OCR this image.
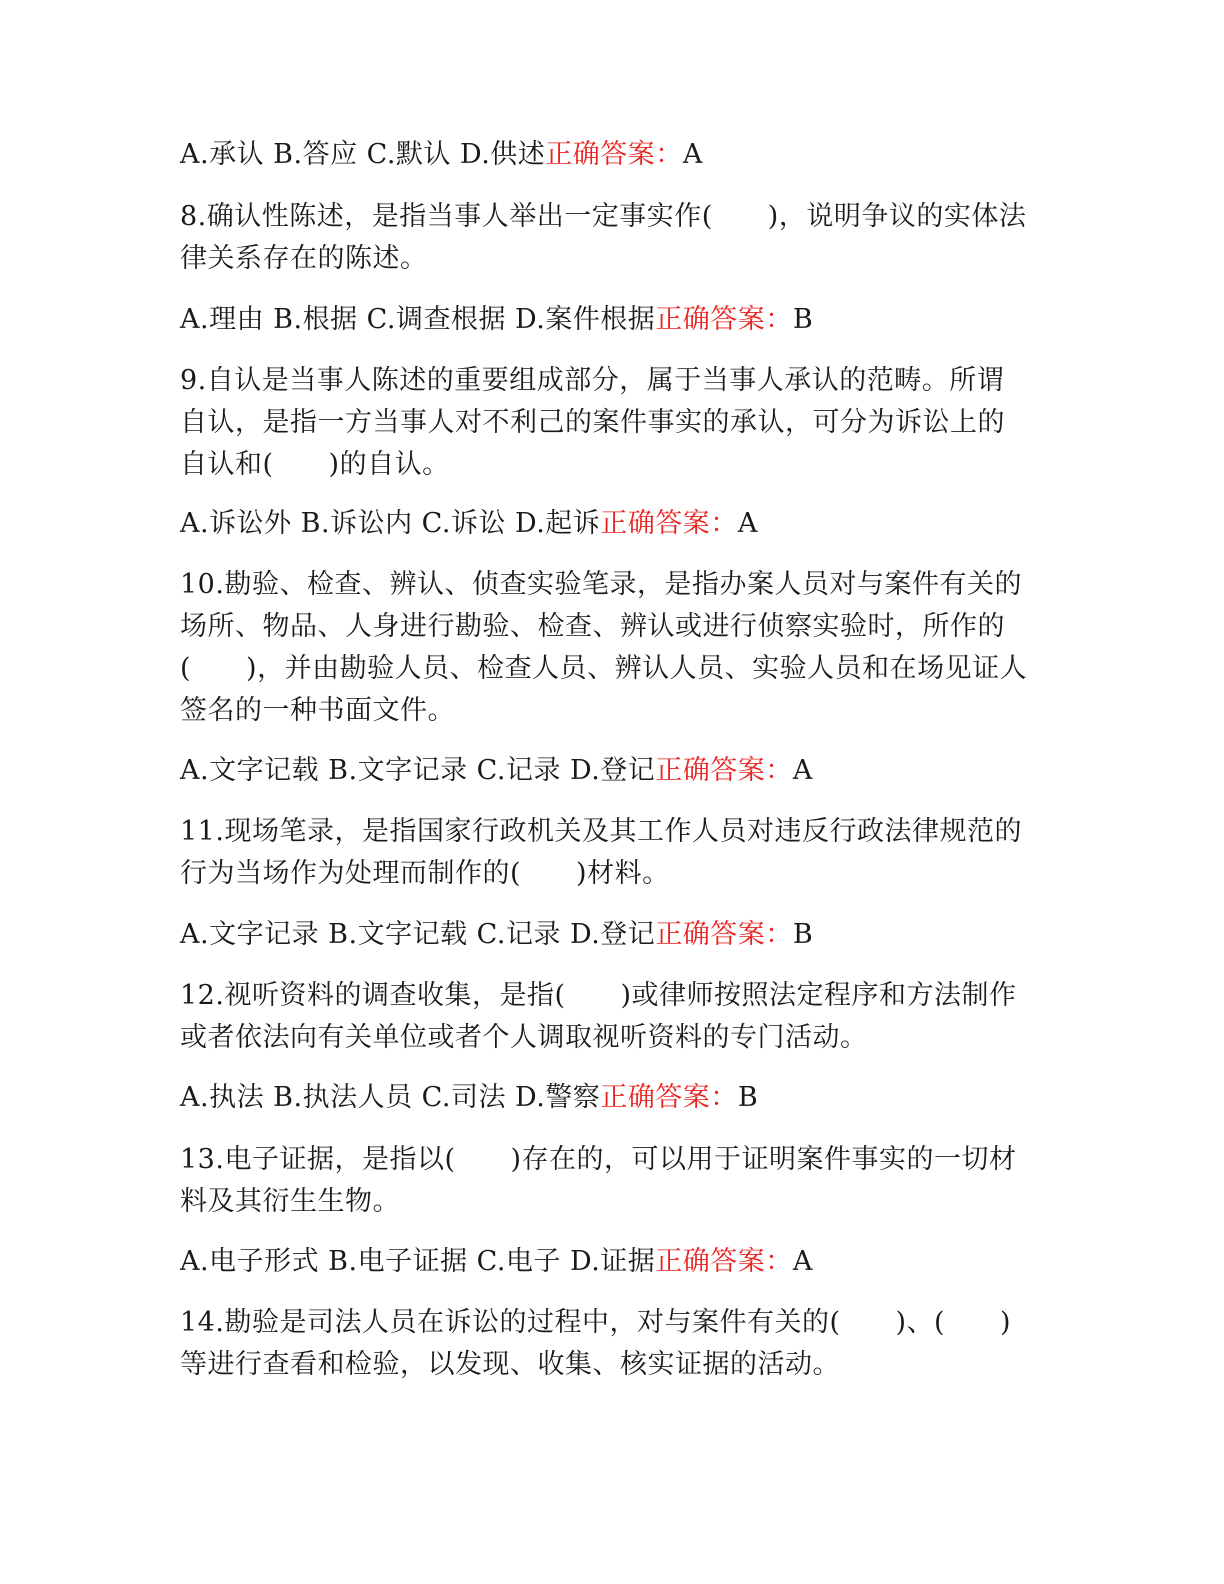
A.承认 B.答应 C.默认 D.供述正确答案：A
8.确认性陈述，是指当事人举出一定事实作(　　)，说明争议的实体法律关系存在的陈述。
A.理由 B.根据 C.调查根据 D.案件根据正确答案：B
9.自认是当事人陈述的重要组成部分，属于当事人承认的范畴。所谓自认，是指一方当事人对不利己的案件事实的承认，可分为诉讼上的自认和(　　)的自认。
A.诉讼外 B.诉讼内 C.诉讼 D.起诉正确答案：A
10.勘验、检查、辨认、侦查实验笔录，是指办案人员对与案件有关的场所、物品、人身进行勘验、检查、辨认或进行侦察实验时，所作的(　　)，并由勘验人员、检查人员、辨认人员、实验人员和在场见证人签名的一种书面文件。
A.文字记载 B.文字记录 C.记录 D.登记正确答案：A
11.现场笔录，是指国家行政机关及其工作人员对违反行政法律规范的行为当场作为处理而制作的(　　)材料。
A.文字记录 B.文字记载 C.记录 D.登记正确答案：B
12.视听资料的调查收集，是指(　　)或律师按照法定程序和方法制作或者依法向有关单位或者个人调取视听资料的专门活动。
A.执法 B.执法人员 C.司法 D.警察正确答案：B
13.电子证据，是指以(　　)存在的，可以用于证明案件事实的一切材料及其衍生生物。
A.电子形式 B.电子证据 C.电子 D.证据正确答案：A
14.勘验是司法人员在诉讼的过程中，对与案件有关的(　　)、(　　)等进行查看和检验，以发现、收集、核实证据的活动。
